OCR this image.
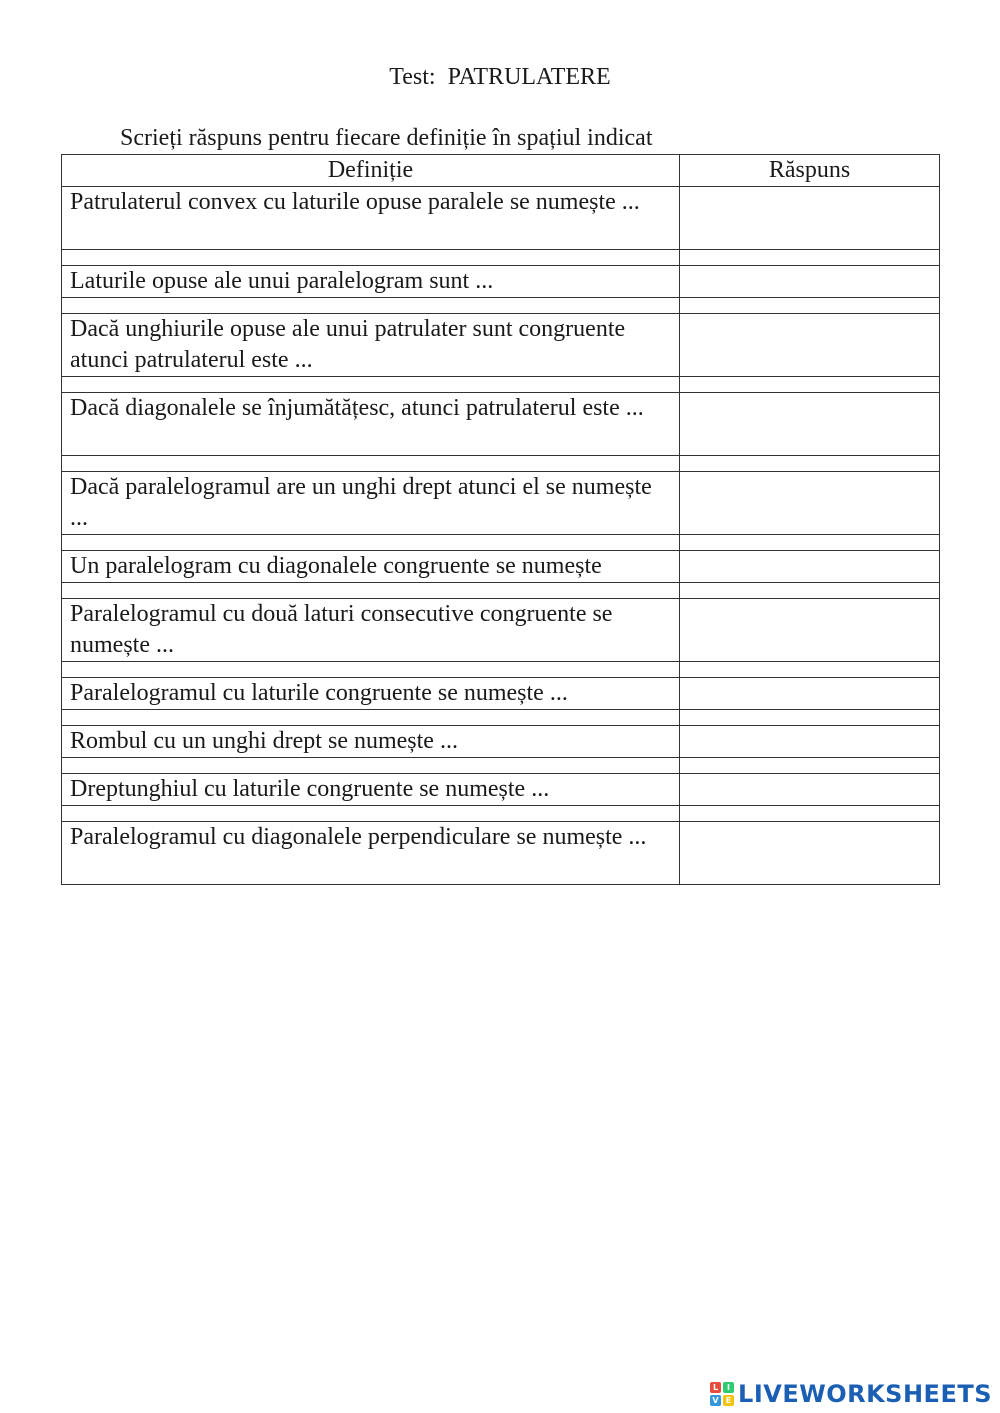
Test: PATRULATERE
Scrieți răspuns pentru fiecare definiție în spațiul indicat
Definiție	Răspuns
Patrulaterul convex cu laturile opuse paralele se numește ...	

Laturile opuse ale unui paralelogram sunt ...	

Dacă unghiurile opuse ale unui patrulater sunt congruente atunci patrulaterul este ...	

Dacă diagonalele se înjumătățesc, atunci patrulaterul este ...	

Dacă paralelogramul are un unghi drept atunci el se numește ...	

Un paralelogram cu diagonalele congruente se numește	

Paralelogramul cu două laturi consecutive congruente se numește ...	

Paralelogramul cu laturile congruente se numește ...	

Rombul cu un unghi drept se numește ...	

Dreptunghiul cu laturile congruente se numește ...	

Paralelogramul cu diagonalele perpendiculare se numește ...	
L	I
V E LIVEWORKSHEETS
